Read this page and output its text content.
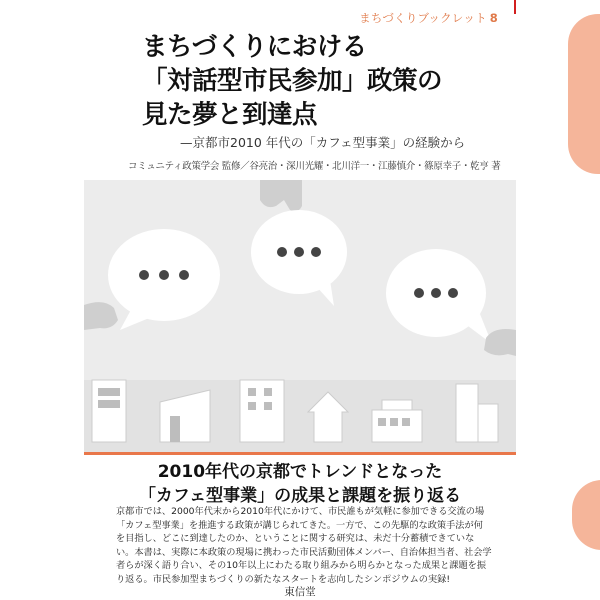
まちづくりブックレット 8
まちづくりにおける
「対話型市民参加」政策の
見た夢と到達点
—京都市2010 年代の「カフェ型事業」の経験から
コミュニティ政策学会 監修／谷亮治・深川光耀・北川洋一・江藤慎介・篠原幸子・乾亨 著
2010年代の京都でトレンドとなった
「カフェ型事業」の成果と課題を振り返る

京都市では、2000年代末から2010年代にかけて、市民誰もが気軽に参加できる交流の場「カフェ型事業」を推進する政策が講じられてきた。一方で、この先駆的な政策手法が何を目指し、どこに到達したのか、ということに関する研究は、未だ十分蓄積できていない。本書は、実際に本政策の現場に携わった市民活動団体メンバー、自治体担当者、社会学者らが深く語り合い、その10年以上にわたる取り組みから明らかとなった成果と課題を振り返る。市民参加型まちづくりの新たなスタートを志向したシンポジウムの実録!

東信堂
